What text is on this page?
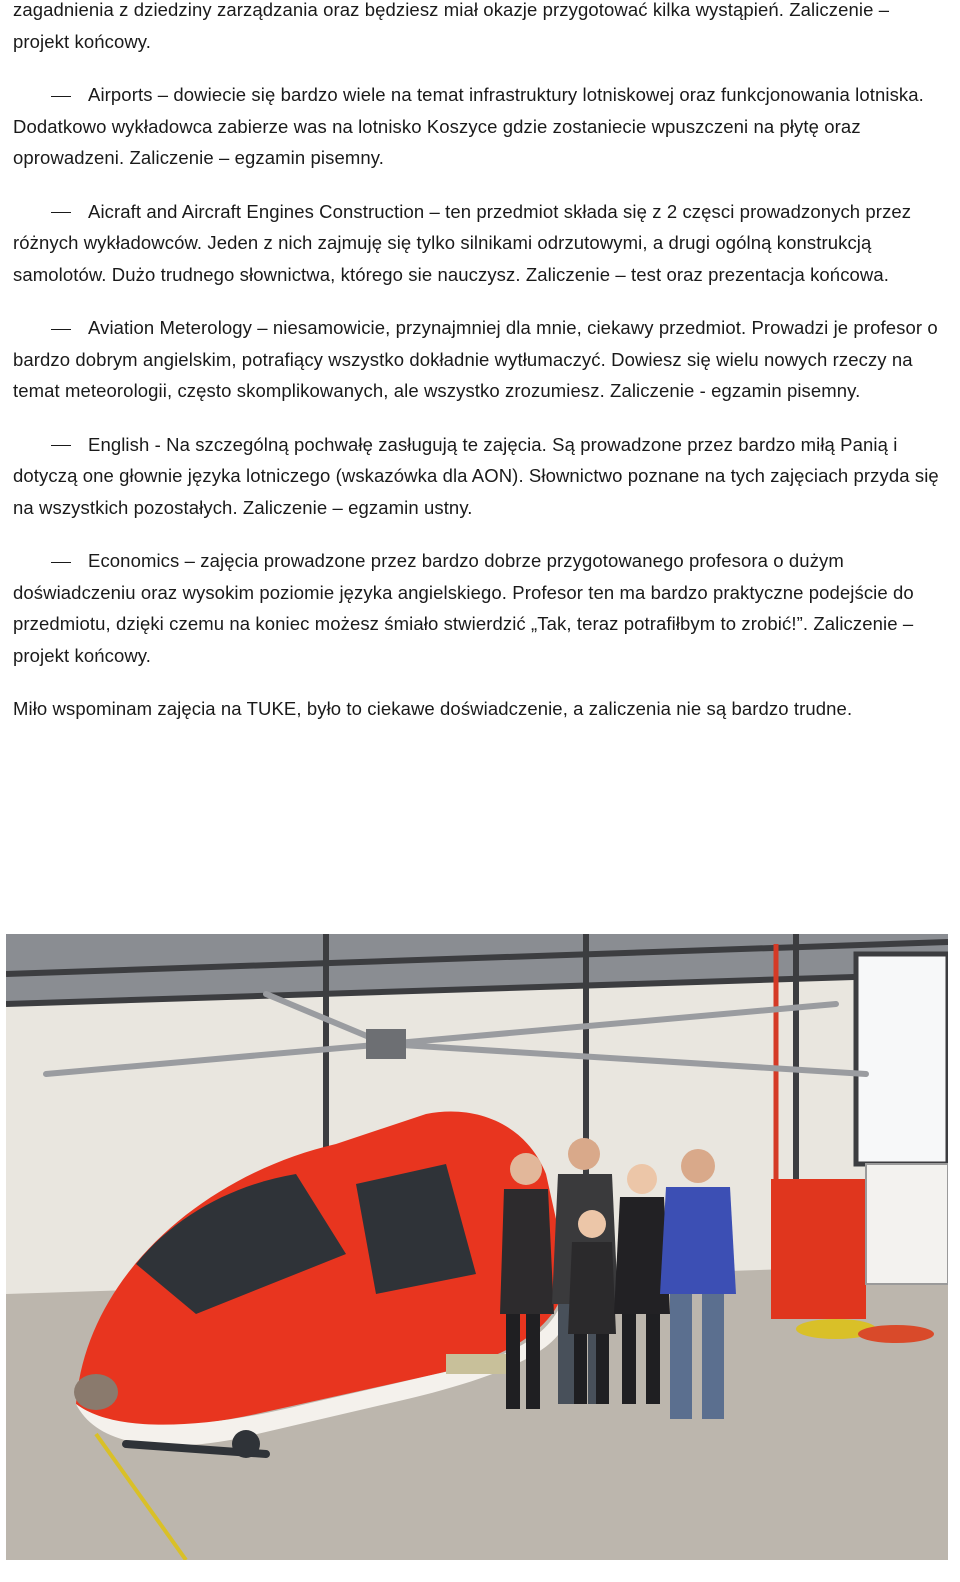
zagadnienia z dziedziny zarządzania oraz będziesz miał okazje przygotować kilka wystąpień. Zaliczenie – projekt końcowy.

Airports – dowiecie się bardzo wiele na temat infrastruktury lotniskowej oraz funkcjonowania lotniska. Dodatkowo wykładowca zabierze was na lotnisko Koszyce gdzie zostaniecie wpuszczeni na płytę oraz oprowadzeni. Zaliczenie – egzamin pisemny.

Aicraft and Aircraft Engines Construction – ten przedmiot składa się z 2 częsci prowadzonych przez różnych wykładowców. Jeden z nich zajmuję się tylko silnikami odrzutowymi, a drugi ogólną konstrukcją samolotów. Dużo trudnego słownictwa, którego sie nauczysz. Zaliczenie – test oraz prezentacja końcowa.

Aviation Meterology – niesamowicie, przynajmniej dla mnie, ciekawy przedmiot. Prowadzi je profesor o bardzo dobrym angielskim, potrafiący wszystko dokładnie wytłumaczyć. Dowiesz się wielu nowych rzeczy na temat meteorologii, często skomplikowanych, ale wszystko zrozumiesz. Zaliczenie - egzamin pisemny.

English - Na szczególną pochwałę zasługują te zajęcia. Są prowadzone przez bardzo miłą Panią i dotyczą one głownie języka lotniczego (wskazówka dla AON). Słownictwo poznane na tych zajęciach przyda się na wszystkich pozostałych. Zaliczenie – egzamin ustny.

Economics – zajęcia prowadzone przez bardzo dobrze przygotowanego profesora o dużym doświadczeniu oraz wysokim poziomie języka angielskiego. Profesor ten ma bardzo praktyczne podejście do przedmiotu, dzięki czemu na koniec możesz śmiało stwierdzić „Tak, teraz potrafiłbym to zrobić!”. Zaliczenie – projekt końcowy.

Miło wspominam zajęcia na TUKE, było to ciekawe doświadczenie, a zaliczenia nie są bardzo trudne.
